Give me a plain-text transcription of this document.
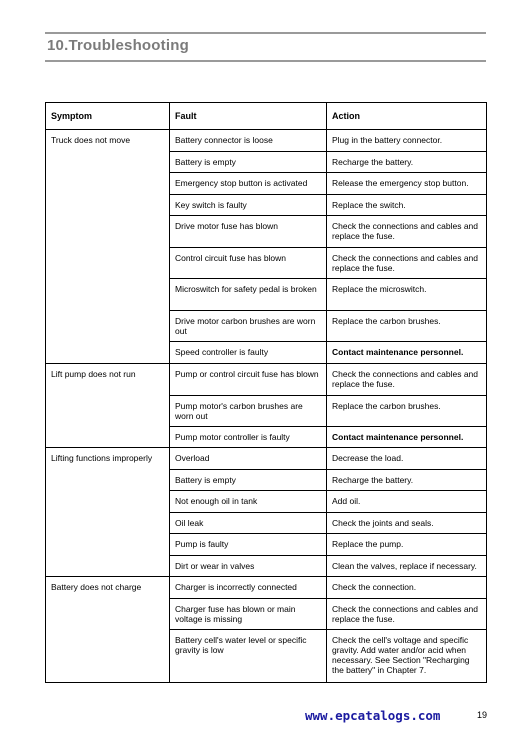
10.Troubleshooting
Symptom	Fault	Action
Truck does not move	Battery connector is loose	Plug in the battery connector.
	Battery is empty	Recharge the battery.
	Emergency stop button is activated	Release the emergency stop button.
	Key switch is faulty	Replace the switch.
	Drive motor fuse has blown	Check the connections and cables and replace the fuse.
	Control circuit fuse has blown	Check the connections and cables and replace the fuse.
	Microswitch for safety pedal is broken	Replace the microswitch.
	Drive motor carbon brushes are worn out	Replace the carbon brushes.
	Speed controller is faulty	Contact maintenance personnel.
Lift pump does not run	Pump or control circuit fuse has blown	Check the connections and cables and replace the fuse.
	Pump motor's carbon brushes are worn out	Replace the carbon brushes.
	Pump motor controller is faulty	Contact maintenance personnel.
Lifting functions improperly	Overload	Decrease the load.
	Battery is empty	Recharge the battery.
	Not enough oil in tank	Add oil.
	Oil leak	Check the joints and seals.
	Pump is faulty	Replace the pump.
	Dirt or wear in valves	Clean the valves, replace if necessary.
Battery does not charge	Charger is incorrectly connected	Check the connection.
	Charger fuse has blown or main voltage is missing	Check the connections and cables and replace the fuse.
	Battery cell's water level or specific gravity is low	Check the cell's voltage and specific gravity. Add water and/or acid when necessary. See Section "Recharging the battery" in Chapter 7.
www.epcatalogs.com	19
